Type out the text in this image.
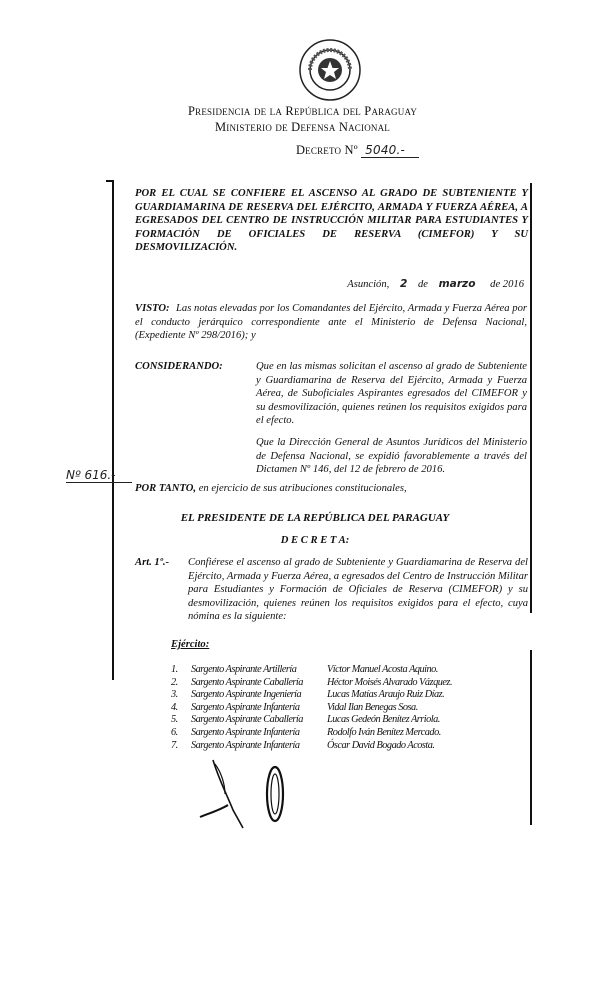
Presidencia de la República del Paraguay
Ministerio de Defensa Nacional
Decreto Nº 5040.-
POR EL CUAL SE CONFIERE EL ASCENSO AL GRADO DE SUBTENIENTE Y GUARDIAMARINA DE RESERVA DEL EJÉRCITO, ARMADA Y FUERZA AÉREA, A EGRESADOS DEL CENTRO DE INSTRUCCIÓN MILITAR PARA ESTUDIANTES Y FORMACIÓN DE OFICIALES DE RESERVA (CIMEFOR) Y SU DESMOVILIZACIÓN.
Asunción, 2 de marzo de 2016
VISTO: Las notas elevadas por los Comandantes del Ejército, Armada y Fuerza Aérea por el conducto jerárquico correspondiente ante el Ministerio de Defensa Nacional, (Expediente Nº 298/2016); y
CONSIDERANDO:	Que en las mismas solicitan el ascenso al grado de Subteniente y Guardiamarina de Reserva del Ejército, Armada y Fuerza Aérea, de Suboficiales Aspirantes egresados del CIMEFOR y su desmovilización, quienes reúnen los requisitos exigidos para el efecto.
Que la Dirección General de Asuntos Jurídicos del Ministerio de Defensa Nacional, se expidió favorablemente a través del Dictamen Nº 146, del 12 de febrero de 2016.
Nº 616.-
POR TANTO, en ejercicio de sus atribuciones constitucionales,
EL PRESIDENTE DE LA REPÚBLICA DEL PARAGUAY
D E C R E T A:
Art. 1º.- Confiérese el ascenso al grado de Subteniente y Guardiamarina de Reserva del Ejército, Armada y Fuerza Aérea, a egresados del Centro de Instrucción Militar para Estudiantes y Formación de Oficiales de Reserva (CIMEFOR) y su desmovilización, quienes reúnen los requisitos exigidos para el efecto, cuya nómina es la siguiente:
Ejército:
1.	Sargento Aspirante Artillería	Víctor Manuel Acosta Aquino.
2.	Sargento Aspirante Caballería	Héctor Moisés Alvarado Vázquez.
3.	Sargento Aspirante Ingeniería	Lucas Matías Araujo Ruiz Díaz.
4.	Sargento Aspirante Infantería	Vidal Ilan Benegas Sosa.
5.	Sargento Aspirante Caballería	Lucas Gedeón Benítez Arriola.
6.	Sargento Aspirante Infantería	Rodolfo Iván Benítez Mercado.
7.	Sargento Aspirante Infantería	Óscar David Bogado Acosta.
